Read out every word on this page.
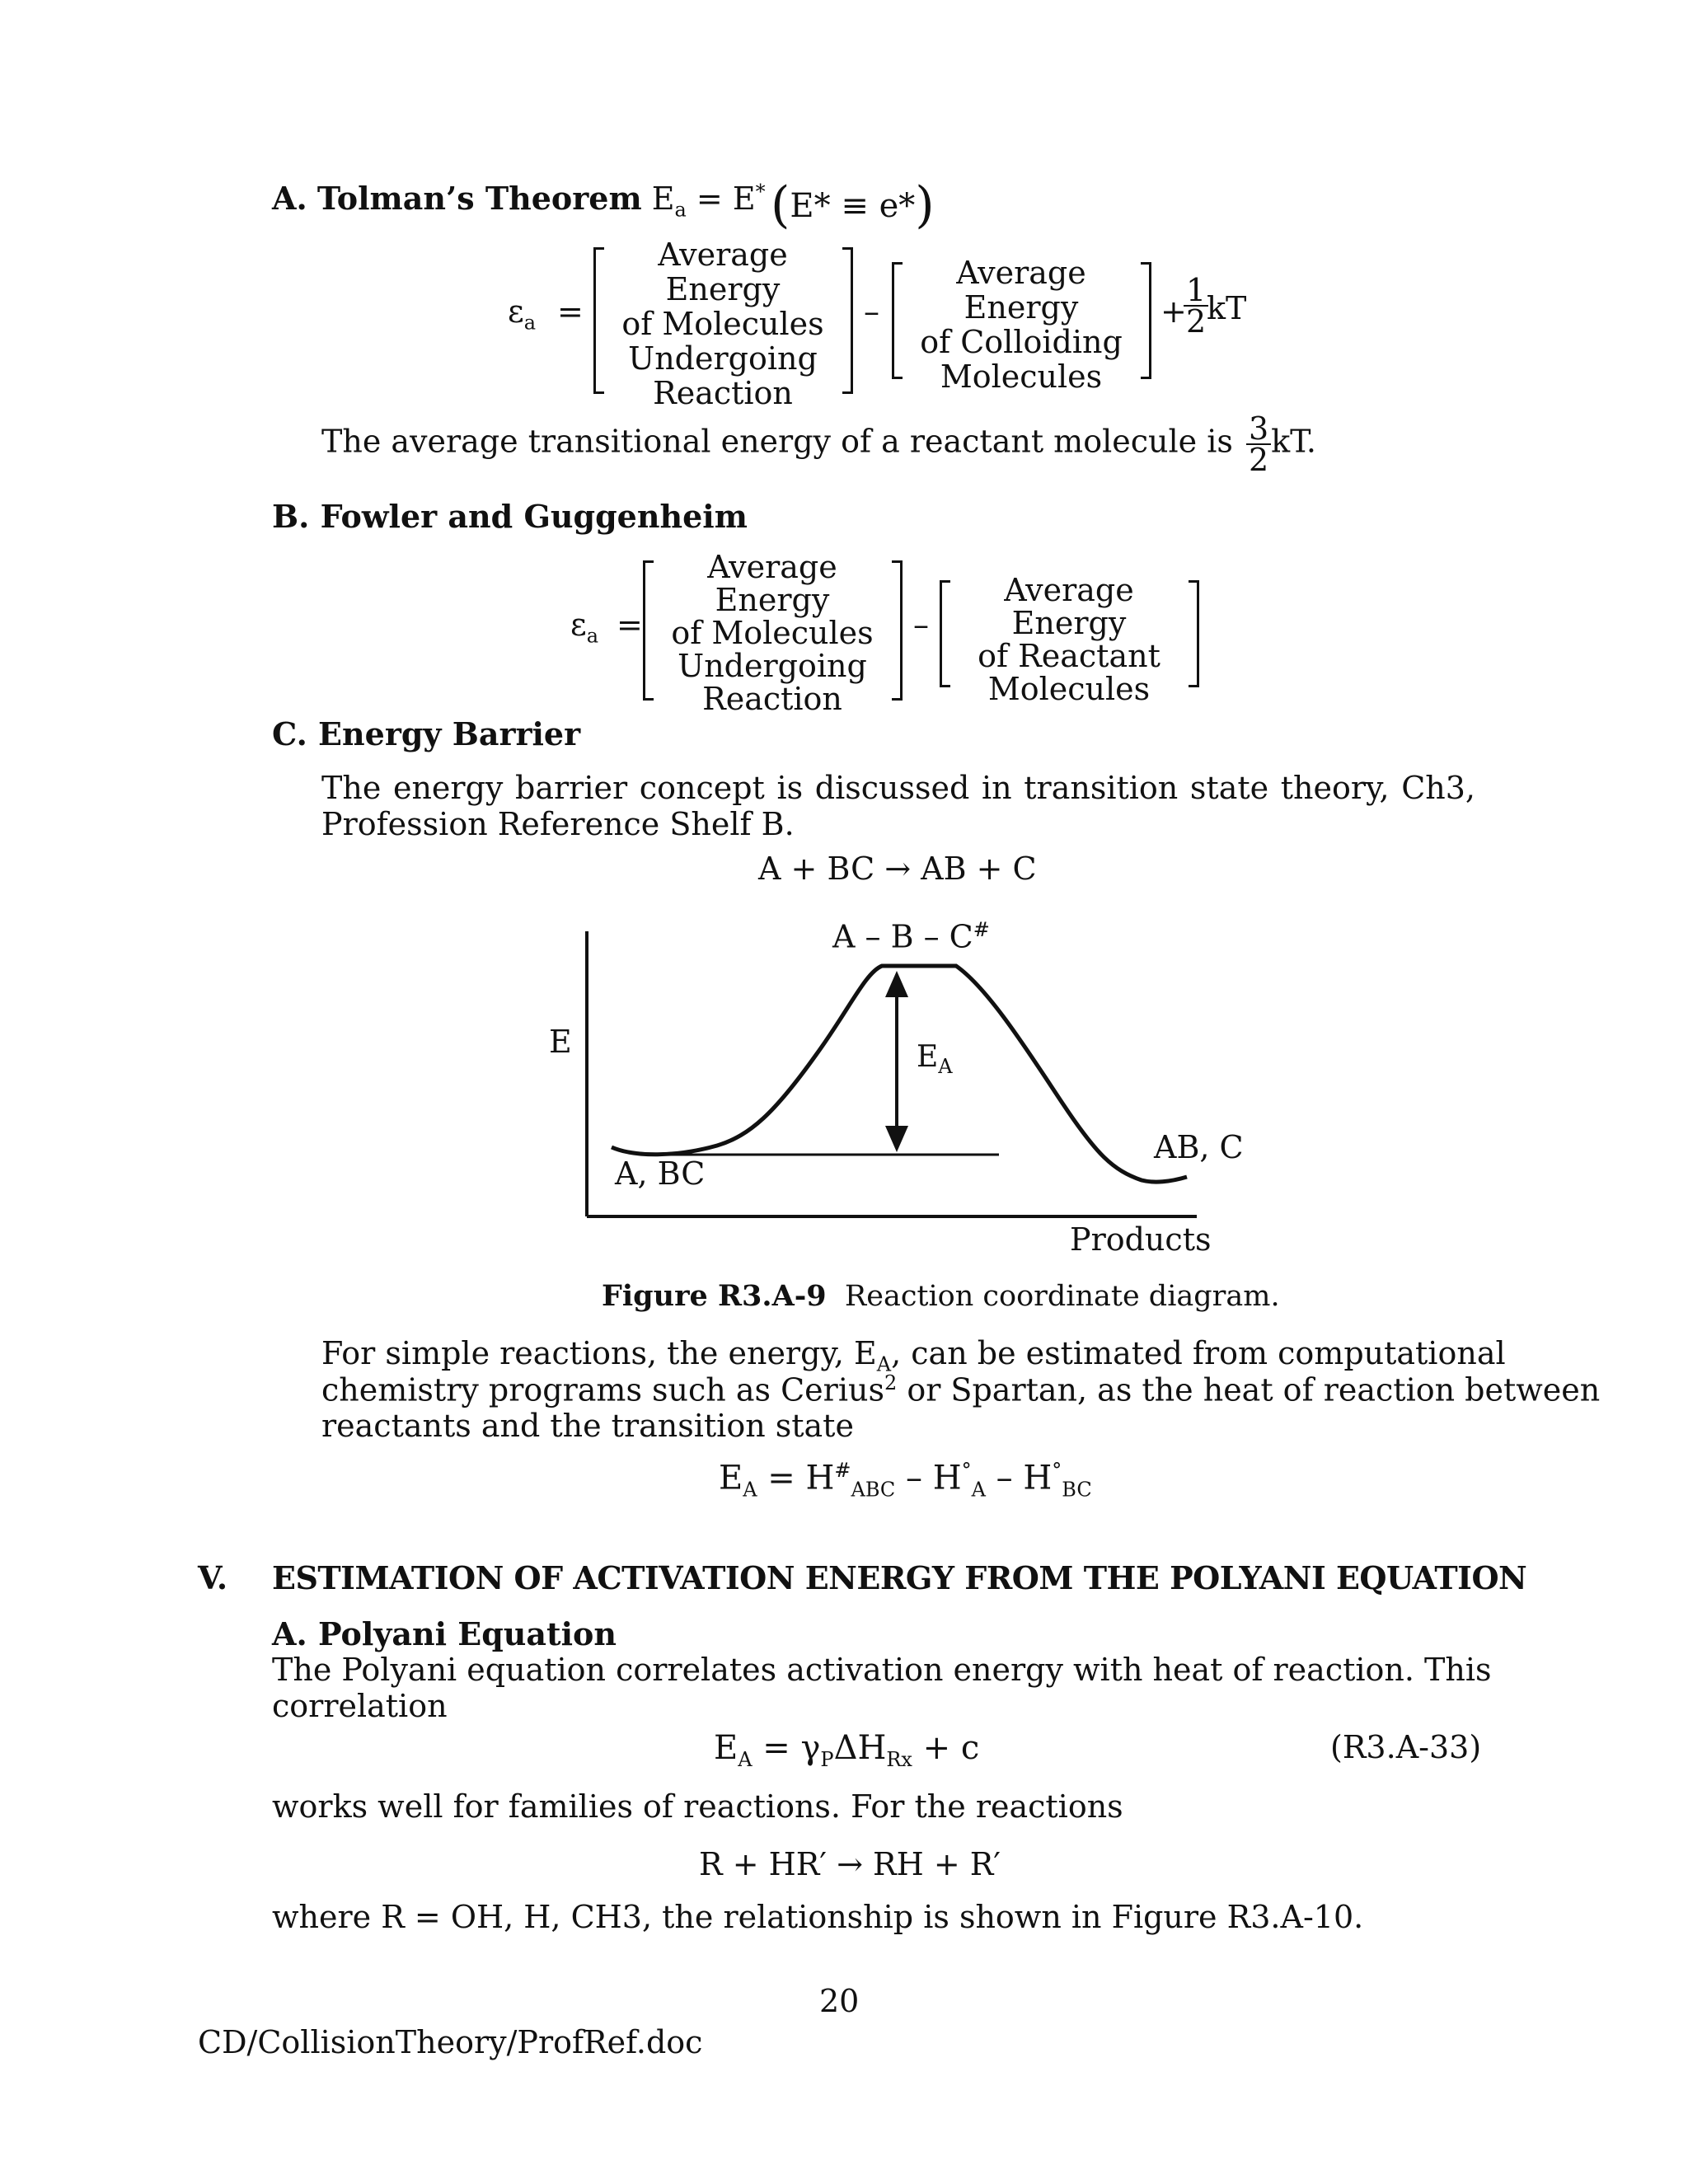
A. Tolman’s Theorem $E_a = E^*$ (E* ≡ e*)
$\varepsilon_a$ =
Average Energy
of Molecules
Undergoing
Reaction
–
Average Energy
of Colloiding
Molecules
+
$\frac{1}{2}$
kT
The average transitional energy of a reactant molecule is $\frac{3}{2}$ kT.
B. Fowler and Guggenheim
$\varepsilon_a$ =
Average Energy
of Molecules
Undergoing
Reaction
–
Average Energy
of Reactant
Molecules
C. Energy Barrier
The energy barrier concept is discussed in transition state theory, Ch3,
Profession Reference Shelf B.
A + BC → AB + C
E
A – B – C#
$E_A$
A, BC
AB, C
Products
Figure R3.A-9 Reaction coordinate diagram.
For simple reactions, the energy, $E_A$, can be estimated from computational
chemistry programs such as Cerius$^2$ or Spartan, as the heat of reaction between
reactants and the transition state
$E_A = H^{\#}_{ABC} - H^\circ_A - H^\circ_{BC}$
V. ESTIMATION OF ACTIVATION ENERGY FROM THE POLYANI EQUATION
A. Polyani Equation
The Polyani equation correlates activation energy with heat of reaction. This
correlation
$E_A = \gamma_P\Delta H_{Rx} + c$	(R3.A-33)
works well for families of reactions. For the reactions
R + HR′ → RH + R′
where R = OH, H, CH3, the relationship is shown in Figure R3.A-10.
20
CD/CollisionTheory/ProfRef.doc
